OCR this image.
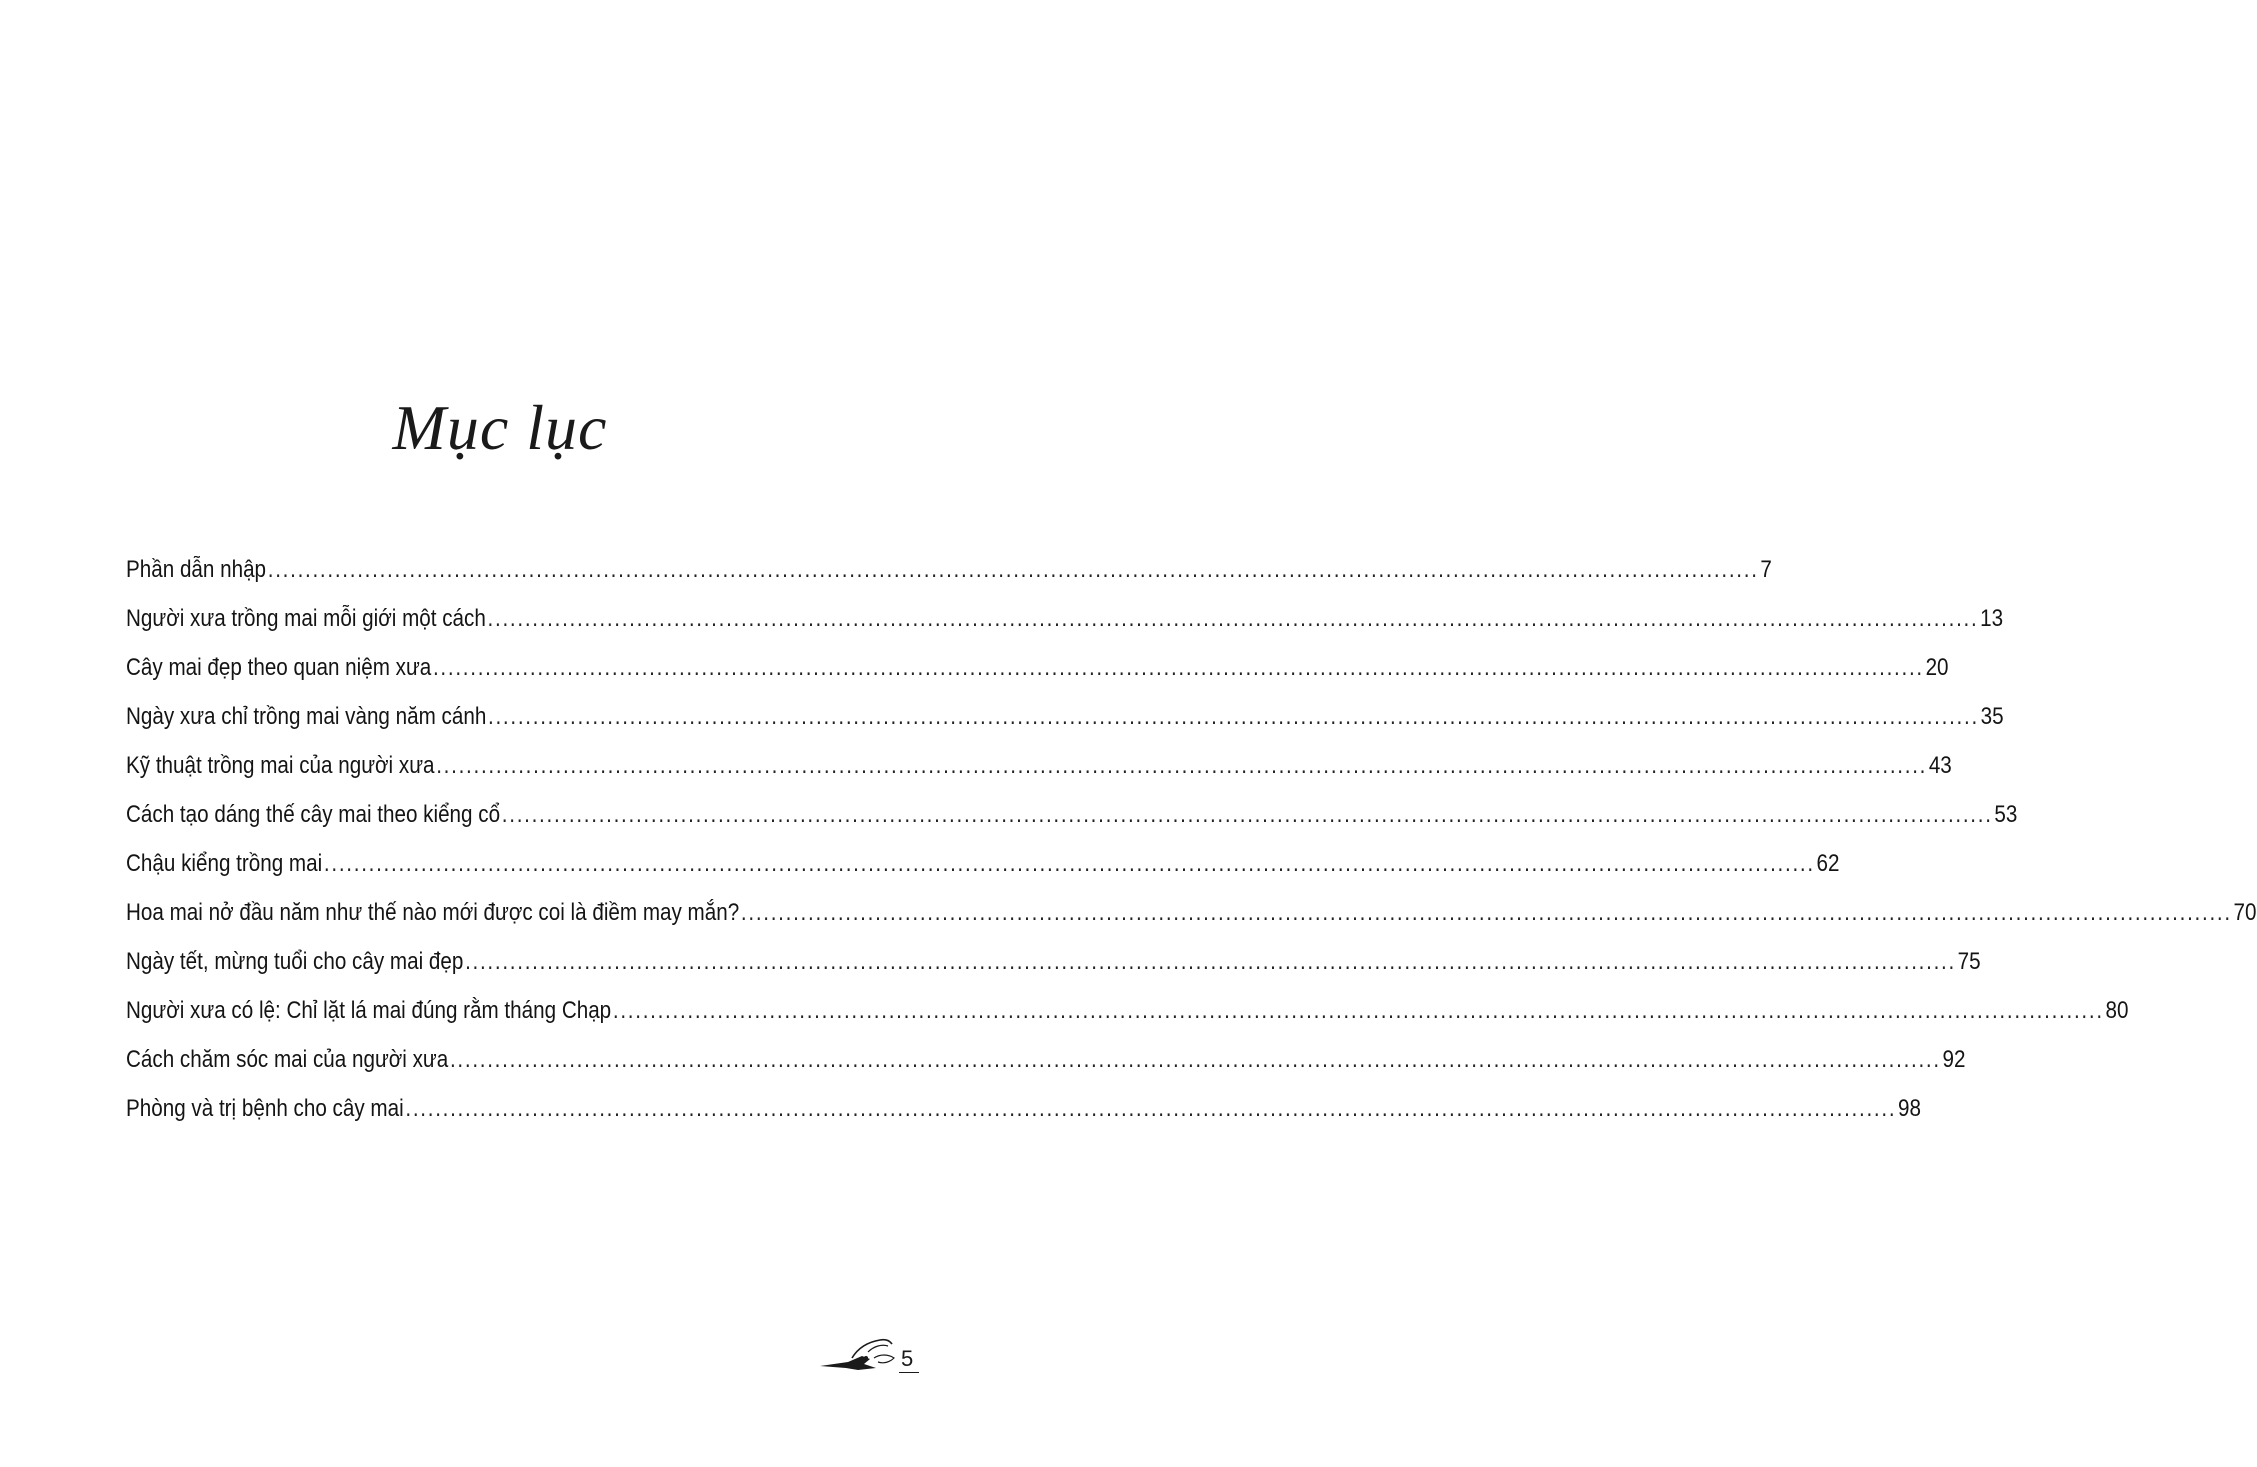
Mục lục
Phần dẫn nhập ........................................................................................................................................................................................................ 7
Người xưa trồng mai mỗi giới một cách ........................................................................................................................................................................................................ 13
Cây mai đẹp theo quan niệm xưa ........................................................................................................................................................................................................ 20
Ngày xưa chỉ trồng mai vàng năm cánh ........................................................................................................................................................................................................ 35
Kỹ thuật trồng mai của người xưa ........................................................................................................................................................................................................ 43
Cách tạo dáng thế cây mai theo kiểng cổ ........................................................................................................................................................................................................ 53
Chậu kiểng trồng mai ........................................................................................................................................................................................................ 62
Hoa mai nở đầu năm như thế nào mới được coi là điềm may mắn? ........................................................................................................................................................................................................ 70
Ngày tết, mừng tuổi cho cây mai đẹp ........................................................................................................................................................................................................ 75
Người xưa có lệ: Chỉ lặt lá mai đúng rằm tháng Chạp ........................................................................................................................................................................................................ 80
Cách chăm sóc mai của người xưa ........................................................................................................................................................................................................ 92
Phòng và trị bệnh cho cây mai ........................................................................................................................................................................................................ 98
5
